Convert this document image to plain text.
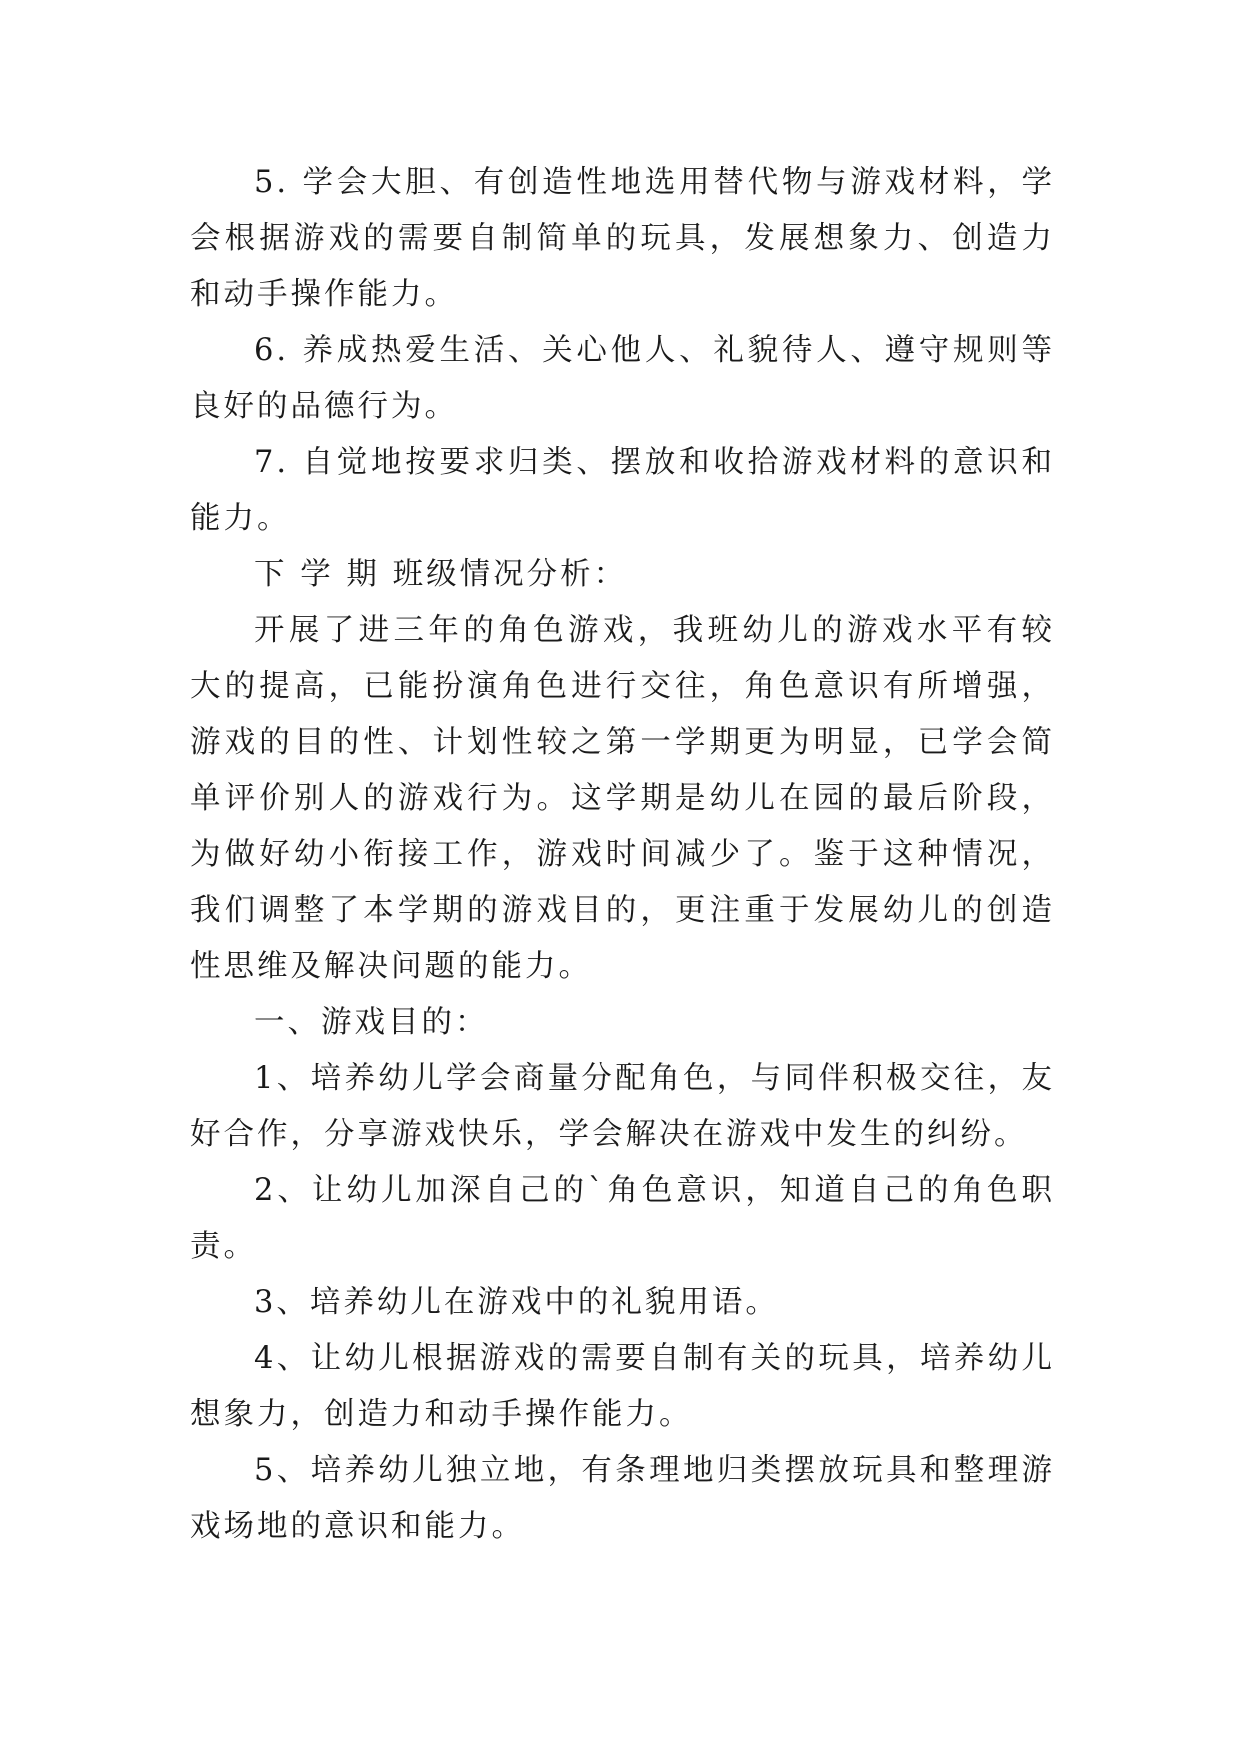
5. 学会大胆、有创造性地选用替代物与游戏材料，学会根据游戏的需要自制简单的玩具，发展想象力、创造力和动手操作能力。

6. 养成热爱生活、关心他人、礼貌待人、遵守规则等良好的品德行为。

7. 自觉地按要求归类、摆放和收拾游戏材料的意识和能力。

下 学 期 班级情况分析：

开展了进三年的角色游戏，我班幼儿的游戏水平有较大的提高，已能扮演角色进行交往，角色意识有所增强，游戏的目的性、计划性较之第一学期更为明显，已学会简单评价别人的游戏行为。这学期是幼儿在园的最后阶段，为做好幼小衔接工作，游戏时间减少了。鉴于这种情况，我们调整了本学期的游戏目的，更注重于发展幼儿的创造性思维及解决问题的能力。

一、游戏目的：

1、培养幼儿学会商量分配角色，与同伴积极交往，友好合作，分享游戏快乐，学会解决在游戏中发生的纠纷。

2、让幼儿加深自己的`角色意识，知道自己的角色职责。

3、培养幼儿在游戏中的礼貌用语。

4、让幼儿根据游戏的需要自制有关的玩具，培养幼儿想象力，创造力和动手操作能力。

5、培养幼儿独立地，有条理地归类摆放玩具和整理游戏场地的意识和能力。
